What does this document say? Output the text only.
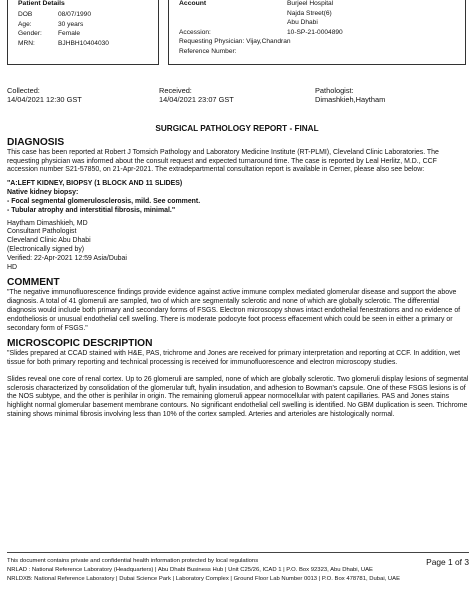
Patient Details
DOB	08/07/1990
Age:	30 years
Gender: Female
MRN:	BJHBH10404030
Account	Burjeel Hospital
Najda Street(6)
Abu Dhabi
Accession:	10-SP-21-0004890
Requesting Physician: Vijay,Chandran
Reference Number:
Collected:
14/04/2021 12:30 GST
Received:
14/04/2021 23:07 GST
Pathologist:
Dimashkieh,Haytham
SURGICAL PATHOLOGY REPORT - FINAL
DIAGNOSIS

This case has been reported at Robert J Tomsich Pathology and Laboratory Medicine Institute (RT-PLMI), Cleveland Clinic Laboratories. The requesting physician was informed about the consult request and expected turnaround time. The case is reported by Leal Herlitz, M.D., CCF accession number S21-57850, on 21-Apr-2021. The extradepartmental consultation report is available in Cerner, please also see below:

"A:LEFT KIDNEY, BIOPSY (1 BLOCK AND 11 SLIDES)
Native kidney biopsy:
- Focal segmental glomerulosclerosis, mild. See comment.
- Tubular atrophy and interstitial fibrosis, minimal."
Haytham Dimashkieh, MD
Consultant Pathologist
Cleveland Clinic Abu Dhabi
(Electronically signed by)
Verified: 22-Apr-2021 12:59 Asia/Dubai
HD
COMMENT

"The negative immunofluorescence findings provide evidence against active immune complex mediated glomerular disease and support the above diagnosis. A total of 41 glomeruli are sampled, two of which are segmentally sclerotic and none of which are globally sclerotic. The differential diagnosis would include both primary and secondary forms of FSGS. Electron microscopy shows intact endothelial fenestrations and no evidence of endotheliosis or unusual endothelial cell swelling. There is moderate podocyte foot process effacement which could be seen in either a primary or secondary form of FSGS."

MICROSCOPIC DESCRIPTION

"Slides prepared at CCAD stained with H&E, PAS, trichrome and Jones are received for primary interpretation and reporting at CCF. In addition, wet tissue for both primary reporting and technical processing is received for immunofluorescence and electron microscopy studies.

Slides reveal one core of renal cortex. Up to 26 glomeruli are sampled, none of which are globally sclerotic. Two glomeruli display lesions of segmental sclerosis characterized by consolidation of the glomerular tuft, hyalin insudation, and adhesion to Bowman's capsule. One of these FSGS lesions is of the NOS subtype, and the other is perihilar in origin. The remaining glomeruli appear normocellular with patent capillaries. PAS and Jones stains highlight normal glomerular basement membrane contours. No significant endothelial cell swelling is identified. No GBM duplication is seen. Trichrome staining shows minimal fibrosis involving less than 10% of the cortex sampled. Arteries and arterioles are histologically normal.

This document contains private and confidential health information protected by local regulations	Page 1 of 3
NRLAD : National Reference Laboratory (Headquarters) | Abu Dhabi Business Hub | Unit C25/26, ICAD 1 | P.O. Box 92323, Abu Dhabi, UAE
NRLDXB: National Reference Laboratory | Dubai Science Park | Laboratory Complex | Ground Floor Lab Number 0013 | P.O. Box 478781, Dubai, UAE
